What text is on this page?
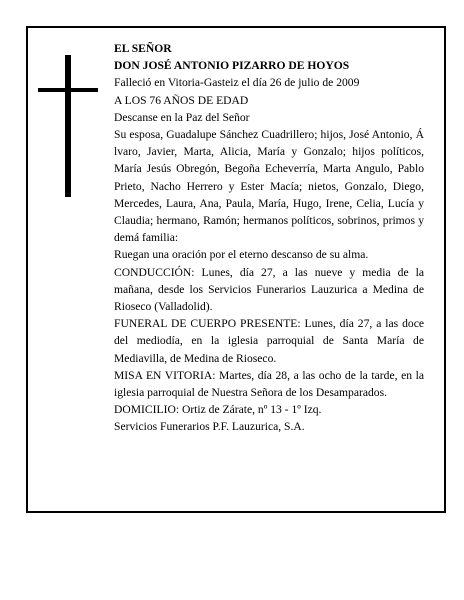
EL SEÑOR
DON JOSÉ ANTONIO PIZARRO DE HOYOS
Falleció en Vitoria-Gasteiz el día 26 de julio de 2009
A LOS 76 AÑOS DE EDAD
Descanse en la Paz del Señor
Su esposa, Guadalupe Sánchez Cuadrillero; hijos, José Antonio, Á lvaro, Javier, Marta, Alicia, María y Gonzalo; hijos políticos, María Jesús Obregón, Begoña Echeverría, Marta Angulo, Pablo Prieto, Nacho Herrero y Ester Macía; nietos, Gonzalo, Diego, Mercedes, Laura, Ana, Paula, María, Hugo, Irene, Celia, Lucía y Claudia; hermano, Ramón; hermanos políticos, sobrinos, primos y demá familia:
Ruegan una oración por el eterno descanso de su alma.
CONDUCCIÓN: Lunes, día 27, a las nueve y media de la mañana, desde los Servicios Funerarios Lauzurica a Medina de Rioseco (Valladolid).
FUNERAL DE CUERPO PRESENTE: Lunes, día 27, a las doce del mediodía, en la iglesia parroquial de Santa María de Mediavilla, de Medina de Rioseco.
MISA EN VITORIA: Martes, día 28, a las ocho de la tarde, en la iglesia parroquial de Nuestra Señora de los Desamparados.
DOMICILIO: Ortiz de Zárate, nº 13 - 1º Izq.
Servicios Funerarios P.F. Lauzurica, S.A.
